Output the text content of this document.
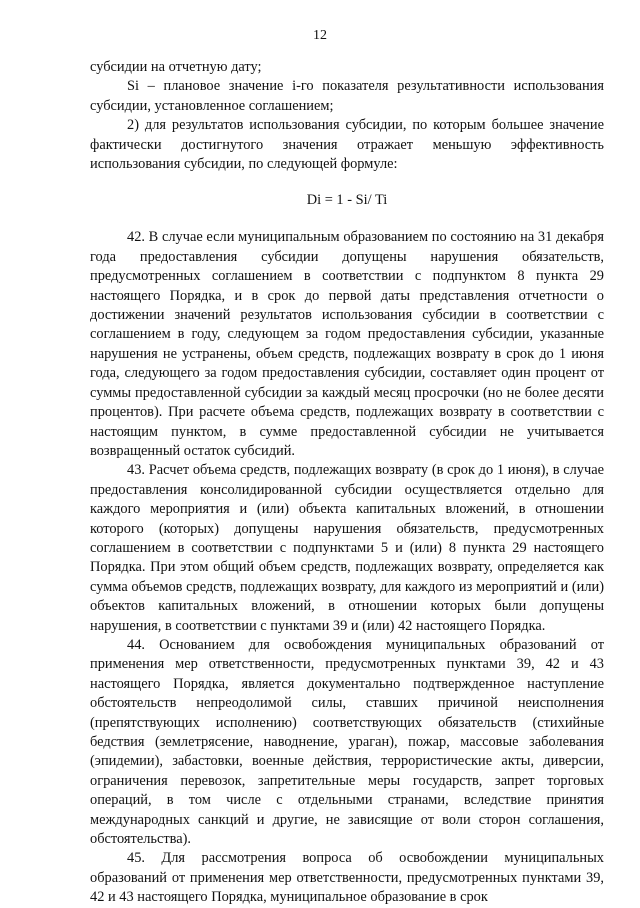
12

субсидии на отчетную дату;

Si – плановое значение i-го показателя результативности использования субсидии, установленное соглашением;

2) для результатов использования субсидии, по которым большее значение фактически достигнутого значения отражает меньшую эффективность использования субсидии, по следующей формуле:

Di = 1 - Si/ Ti

42. В случае если муниципальным образованием по состоянию на 31 декабря года предоставления субсидии допущены нарушения обязательств, предусмотренных соглашением в соответствии с подпунктом 8 пункта 29 настоящего Порядка, и в срок до первой даты представления отчетности о достижении значений результатов использования субсидии в соответствии с соглашением в году, следующем за годом предоставления субсидии, указанные нарушения не устранены, объем средств, подлежащих возврату в срок до 1 июня года, следующего за годом предоставления субсидии, составляет один процент от суммы предоставленной субсидии за каждый месяц просрочки (но не более десяти процентов). При расчете объема средств, подлежащих возврату в соответствии с настоящим пунктом, в сумме предоставленной субсидии не учитывается возвращенный остаток субсидий.

43. Расчет объема средств, подлежащих возврату (в срок до 1 июня), в случае предоставления консолидированной субсидии осуществляется отдельно для каждого мероприятия и (или) объекта капитальных вложений, в отношении которого (которых) допущены нарушения обязательств, предусмотренных соглашением в соответствии с подпунктами 5 и (или) 8 пункта 29 настоящего Порядка. При этом общий объем средств, подлежащих возврату, определяется как сумма объемов средств, подлежащих возврату, для каждого из мероприятий и (или) объектов капитальных вложений, в отношении которых были допущены нарушения, в соответствии с пунктами 39 и (или) 42 настоящего Порядка.

44. Основанием для освобождения муниципальных образований от применения мер ответственности, предусмотренных пунктами 39, 42 и 43 настоящего Порядка, является документально подтвержденное наступление обстоятельств непреодолимой силы, ставших причиной неисполнения (препятствующих исполнению) соответствующих обязательств (стихийные бедствия (землетрясение, наводнение, ураган), пожар, массовые заболевания (эпидемии), забастовки, военные действия, террористические акты, диверсии, ограничения перевозок, запретительные меры государств, запрет торговых операций, в том числе с отдельными странами, вследствие принятия международных санкций и другие, не зависящие от воли сторон соглашения, обстоятельства).

45. Для рассмотрения вопроса об освобождении муниципальных образований от применения мер ответственности, предусмотренных пунктами 39, 42 и 43 настоящего Порядка, муниципальное образование в срок
